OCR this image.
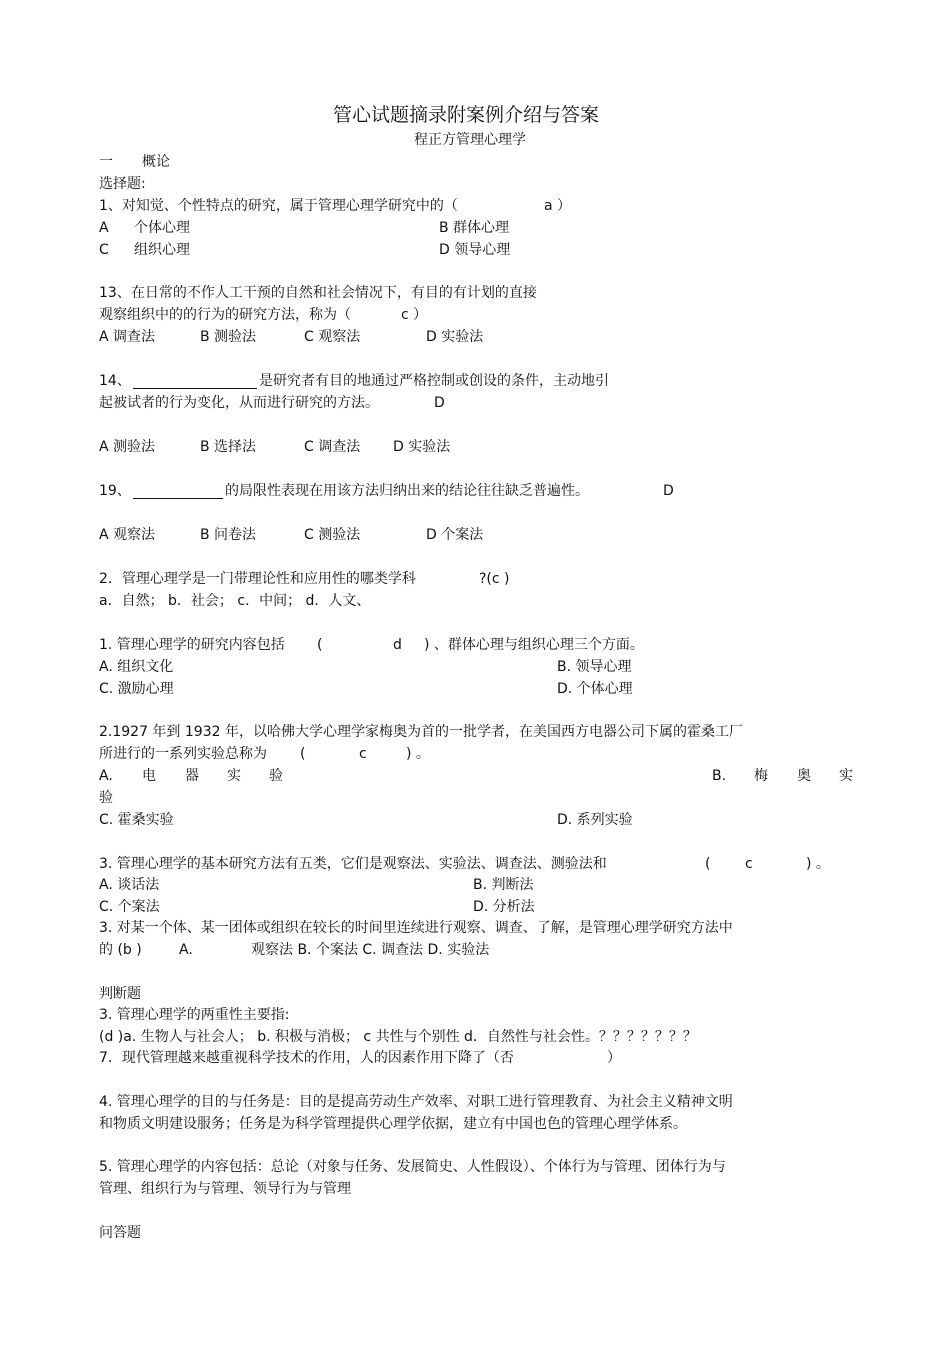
管心试题摘录附案例介绍与答案
程正方管理心理学
一 概论
选择题:
1、对知觉、个性特点的研究，属于管理心理学研究中的（	a ）
A 个体心理	B 群体心理
C 组织心理	D 领导心理
13、在日常的不作人工干预的自然和社会情况下，有目的有计划的直接
观察组织中的的行为的研究方法，称为（	c ）
A 调查法	B 测验法	C 观察法	D 实验法
14、	是研究者有目的地通过严格控制或创设的条件，主动地引
起被试者的行为变化，从而进行研究的方法。	D
A 测验法	B 选择法	C 调查法 D 实验法
19、	的局限性表现在用该方法归纳出来的结论往往缺乏普遍性。	D
A 观察法	B 问卷法	C 测验法	D 个案法
2．管理心理学是一门带理论性和应用性的哪类学科	?(c )
a．自然； b．社会； c．中间； d．人文、
1. 管理心理学的研究内容包括 (	d ) 、群体心理与组织心理三个方面。
A. 组织文化	B. 领导心理
C. 激励心理	D. 个体心理
2.1927 年到 1932 年，以哈佛大学心理学家梅奥为首的一批学者，在美国西方电器公司下属的霍桑工厂
所进行的一系列实验总称为 (	c	) 。
A. 电 器 实 验	B. 梅 奥 实
验
C. 霍桑实验	D. 系列实验
3. 管理心理学的基本研究方法有五类，它们是观察法、实验法、调查法、测验法和	( c	) 。
A. 谈话法	B. 判断法
C. 个案法	D. 分析法
3. 对某一个体、某一团体或组织在较长的时间里连续进行观察、调查、了解，是管理心理学研究方法中
的 (b )	A.	观察法 B. 个案法 C. 调查法 D. 实验法
判断题
3. 管理心理学的两重性主要指:
(d )a. 生物人与社会人； b. 积极与消极； c 共性与个别性 d．自然性与社会性。？？？？？？？
7．现代管理越来越重视科学技术的作用，人的因素作用下降了（否	）
4. 管理心理学的目的与任务是：目的是提高劳动生产效率、对职工进行管理教育、为社会主义精神文明
和物质文明建设服务；任务是为科学管理提供心理学依据，建立有中国也色的管理心理学体系。
5. 管理心理学的内容包括：总论（对象与任务、发展简史、人性假设）、个体行为与管理、团体行为与
管理、组织行为与管理、领导行为与管理
问答题
